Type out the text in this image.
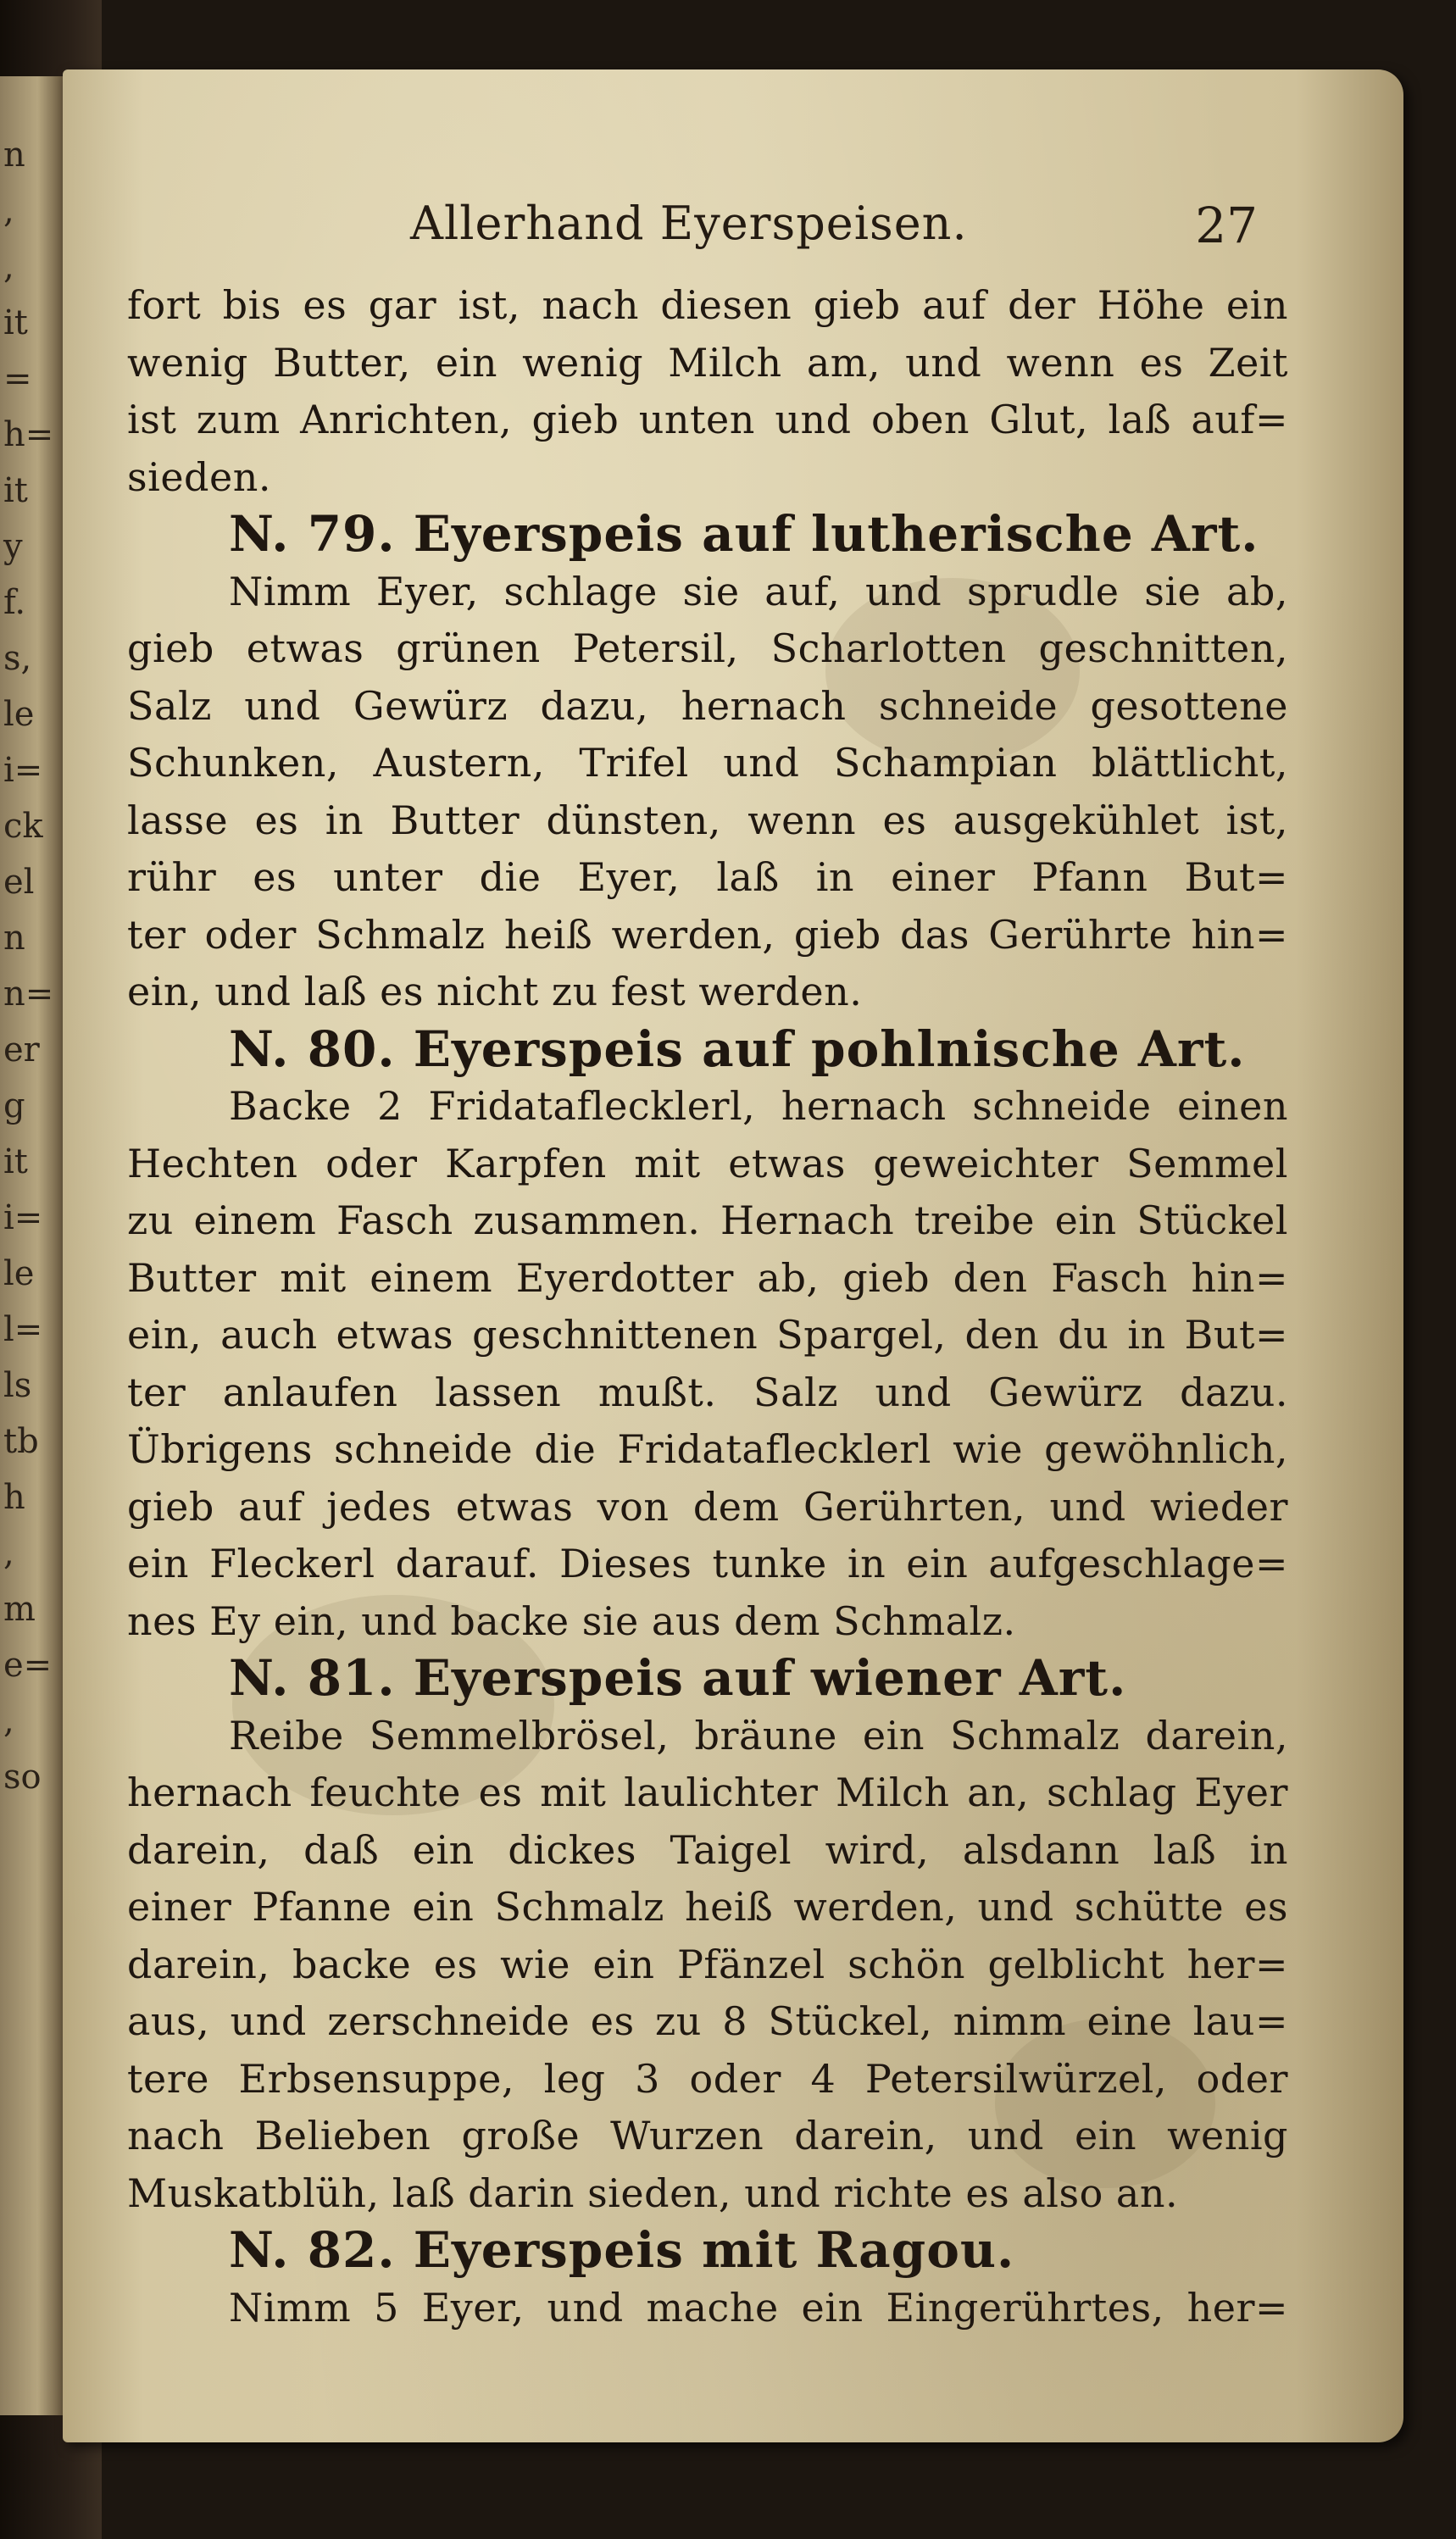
n
,
,
it
=
h=
it
y
f.
s,
le
i=
ck
el
n
n=
er
g
it
i=
le
l=
ls
tb
h
,
m
e=
,
so
Allerhand Eyerspeisen.	27
fort bis es gar ist, nach diesen gieb auf der Höhe ein
wenig Butter, ein wenig Milch am, und wenn es Zeit
ist zum Anrichten, gieb unten und oben Glut, laß auf=
sieden.
N. 79. Eyerspeis auf lutherische Art.
Nimm Eyer, schlage sie auf, und sprudle sie ab,
gieb etwas grünen Petersil, Scharlotten geschnitten,
Salz und Gewürz dazu, hernach schneide gesottene
Schunken, Austern, Trifel und Schampian blättlicht,
lasse es in Butter dünsten, wenn es ausgekühlet ist,
rühr es unter die Eyer, laß in einer Pfann But=
ter oder Schmalz heiß werden, gieb das Gerührte hin=
ein, und laß es nicht zu fest werden.
N. 80. Eyerspeis auf pohlnische Art.
Backe 2 Fridataflecklerl, hernach schneide einen
Hechten oder Karpfen mit etwas geweichter Semmel
zu einem Fasch zusammen. Hernach treibe ein Stückel
Butter mit einem Eyerdotter ab, gieb den Fasch hin=
ein, auch etwas geschnittenen Spargel, den du in But=
ter anlaufen lassen mußt. Salz und Gewürz dazu.
Übrigens schneide die Fridataflecklerl wie gewöhnlich,
gieb auf jedes etwas von dem Gerührten, und wieder
ein Fleckerl darauf. Dieses tunke in ein aufgeschlage=
nes Ey ein, und backe sie aus dem Schmalz.
N. 81. Eyerspeis auf wiener Art.
Reibe Semmelbrösel, bräune ein Schmalz darein,
hernach feuchte es mit laulichter Milch an, schlag Eyer
darein, daß ein dickes Taigel wird, alsdann laß in
einer Pfanne ein Schmalz heiß werden, und schütte es
darein, backe es wie ein Pfänzel schön gelblicht her=
aus, und zerschneide es zu 8 Stückel, nimm eine lau=
tere Erbsensuppe, leg 3 oder 4 Petersilwürzel, oder
nach Belieben große Wurzen darein, und ein wenig
Muskatblüh, laß darin sieden, und richte es also an.
N. 82. Eyerspeis mit Ragou.
Nimm 5 Eyer, und mache ein Eingerührtes, her=
